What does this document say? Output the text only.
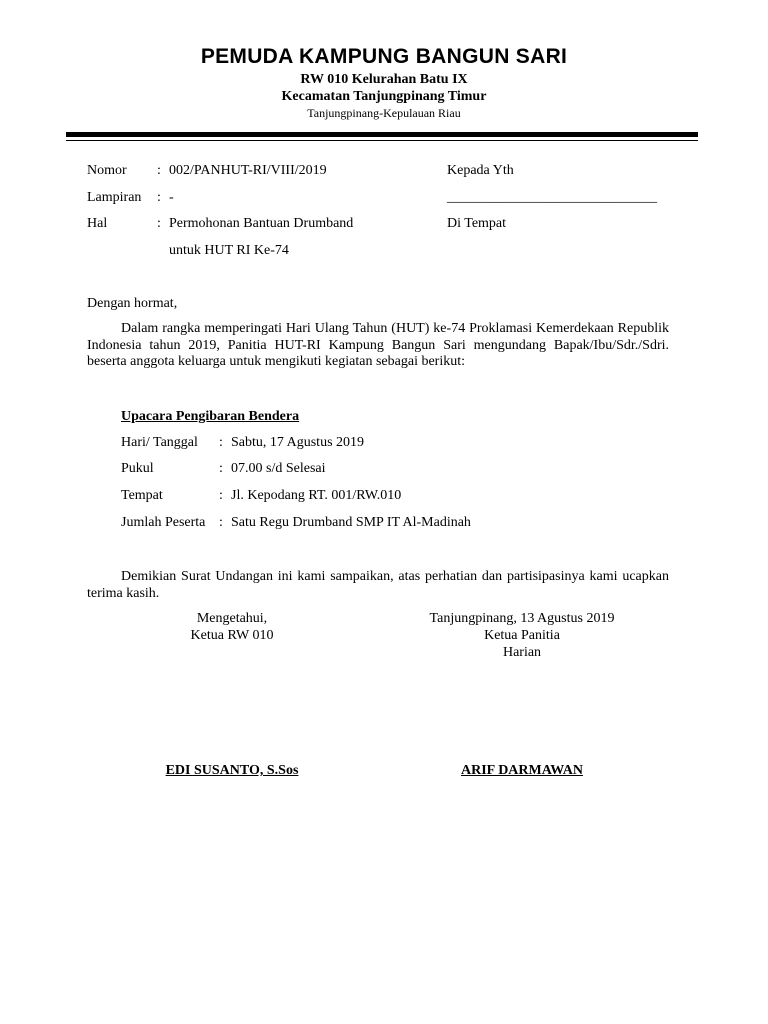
PEMUDA KAMPUNG BANGUN SARI
RW 010 Kelurahan Batu IX
Kecamatan Tanjungpinang Timur
Tanjungpinang-Kepulauan Riau
Nomor : 002/PANHUT-RI/VIII/2019
Lampiran : -
Hal	: Permohonan Bantuan Drumband
untuk HUT RI Ke-74
Kepada Yth
______________________________
Di Tempat
Dengan hormat,
Dalam rangka memperingati Hari Ulang Tahun (HUT) ke-74 Proklamasi Kemerdekaan Republik Indonesia tahun 2019, Panitia HUT-RI Kampung Bangun Sari mengundang Bapak/Ibu/Sdr./Sdri. beserta anggota keluarga untuk mengikuti kegiatan sebagai berikut:
Upacara Pengibaran Bendera
Hari/ Tanggal : Sabtu, 17 Agustus 2019
Pukul	: 07.00 s/d Selesai
Tempat	: Jl. Kepodang RT. 001/RW.010
Jumlah Peserta : Satu Regu Drumband SMP IT Al-Madinah
Demikian Surat Undangan ini kami sampaikan, atas perhatian dan partisipasinya kami ucapkan terima kasih.
Mengetahui,
Ketua RW 010
Tanjungpinang, 13 Agustus 2019
Ketua Panitia
Harian
EDI SUSANTO, S.Sos	ARIF DARMAWAN
